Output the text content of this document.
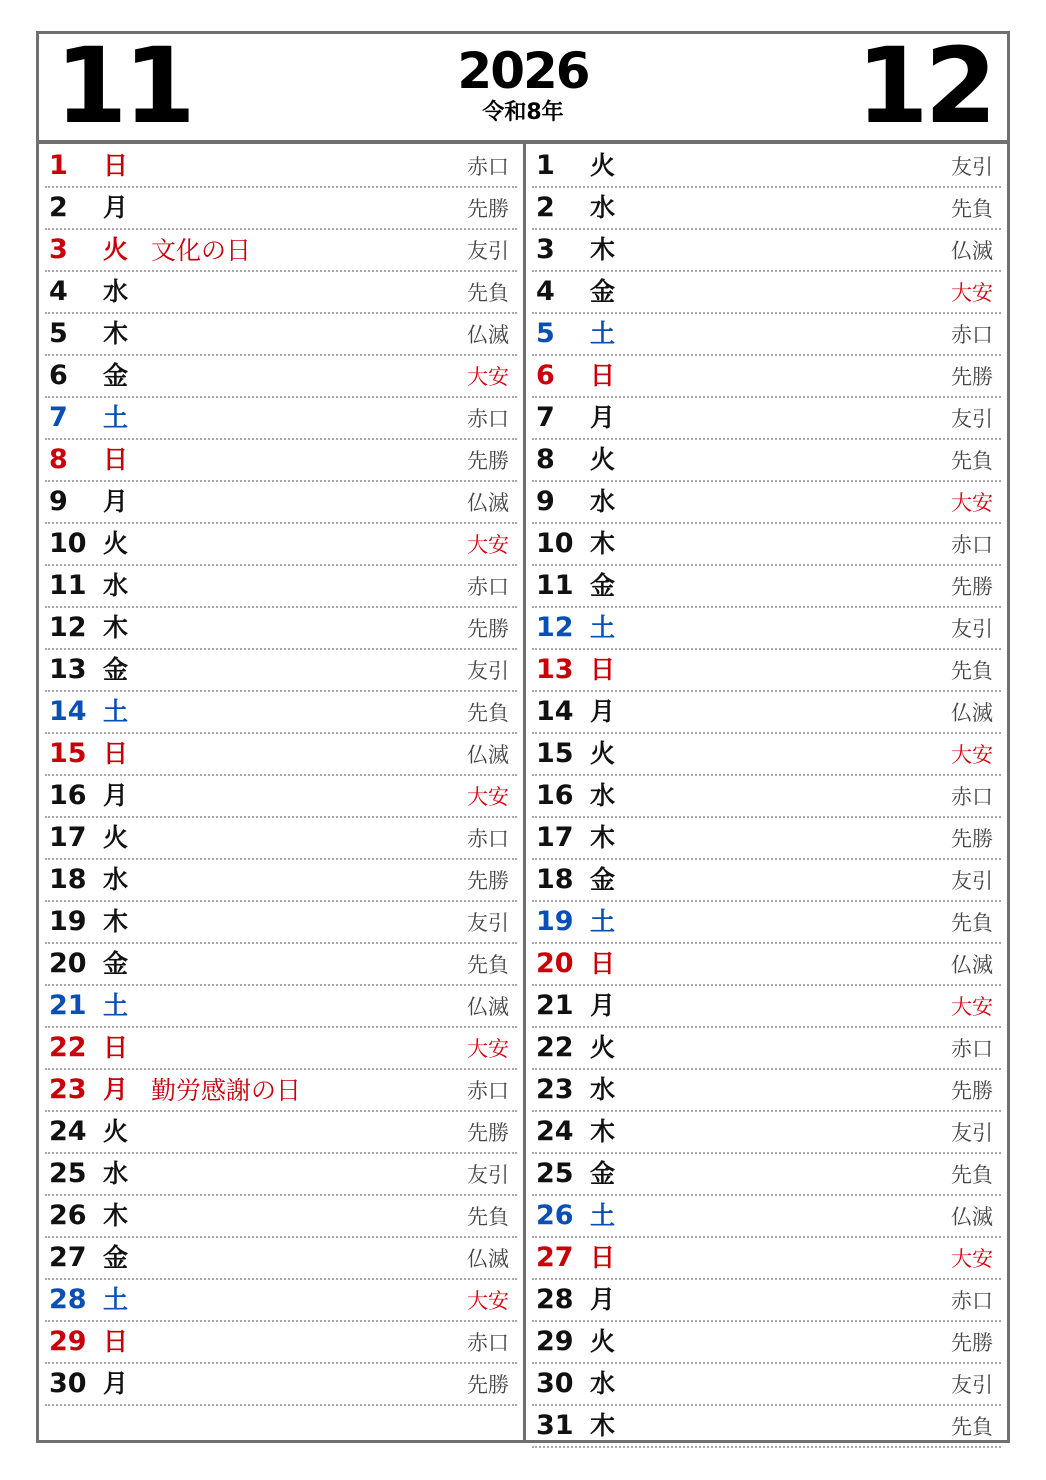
11	2026
令和8年	12
1	日	赤口
2	月	先勝
3	火 文化の日	友引
4	水	先負
5	木	仏滅
6	金	大安
7	土	赤口
8	日	先勝
9	月	仏滅
10 火	大安
11 水	赤口
12 木	先勝
13 金	友引
14 土	先負
15 日	仏滅
16 月	大安
17 火	赤口
18 水	先勝
19 木	友引
20 金	先負
21 土	仏滅
22 日	大安
23 月 勤労感謝の日	赤口
24 火	先勝
25 水	友引
26 木	先負
27 金	仏滅
28 土	大安
29 日	赤口
30 月	先勝
1	火	友引
2	水	先負
3	木	仏滅
4	金	大安
5	土	赤口
6	日	先勝
7	月	友引
8	火	先負
9	水	大安
10 木	赤口
11 金	先勝
12 土	友引
13 日	先負
14 月	仏滅
15 火	大安
16 水	赤口
17 木	先勝
18 金	友引
19 土	先負
20 日	仏滅
21 月	大安
22 火	赤口
23 水	先勝
24 木	友引
25 金	先負
26 土	仏滅
27 日	大安
28 月	赤口
29 火	先勝
30 水	友引
31 木	先負
